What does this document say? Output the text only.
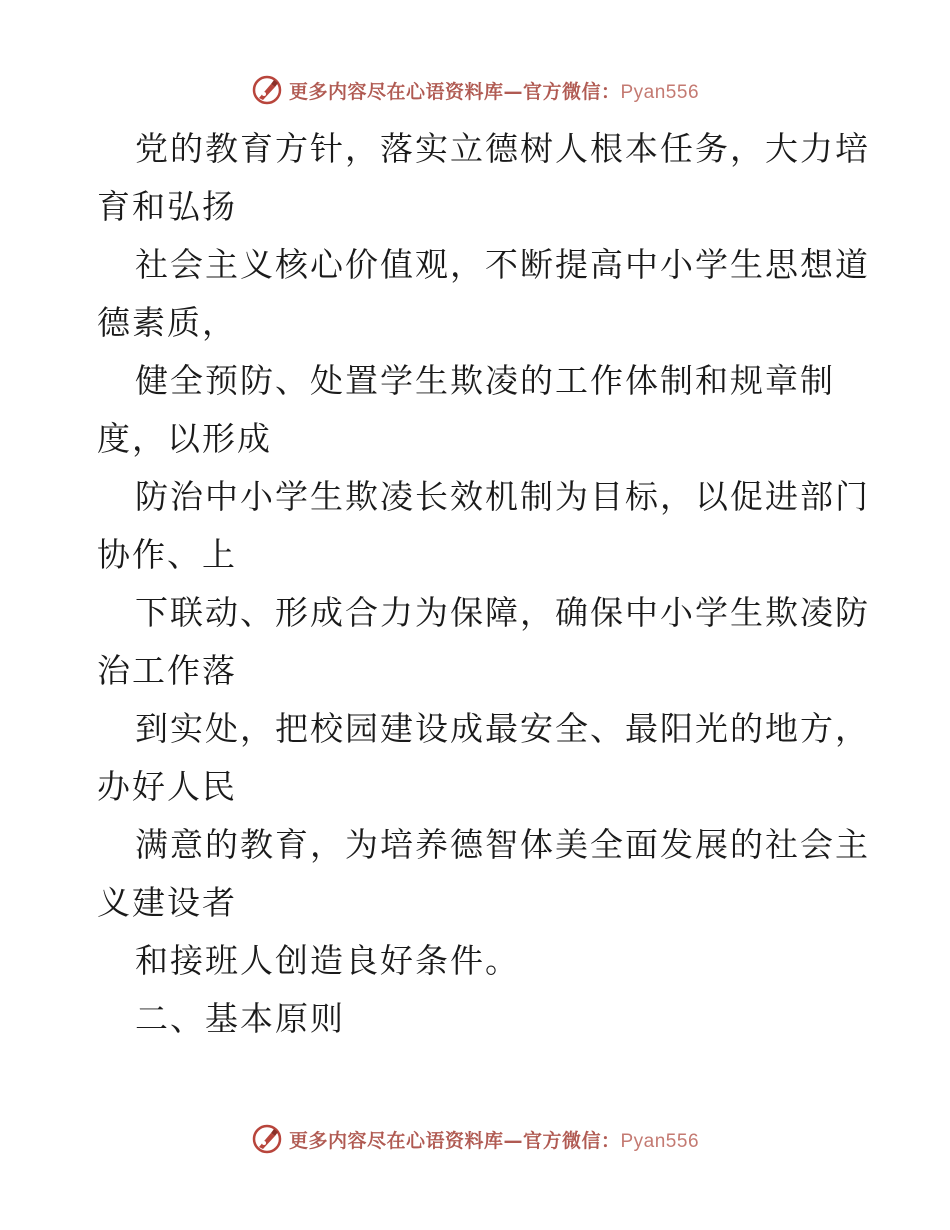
更多内容尽在心语资料库—官方微信：Pyan556
党的教育方针，落实立德树人根本任务，大力培
育和弘扬
社会主义核心价值观，不断提高中小学生思想道
德素质，
健全预防、处置学生欺凌的工作体制和规章制
度，以形成
防治中小学生欺凌长效机制为目标，以促进部门
协作、上
下联动、形成合力为保障，确保中小学生欺凌防
治工作落
到实处，把校园建设成最安全、最阳光的地方，
办好人民
满意的教育，为培养德智体美全面发展的社会主
义建设者
和接班人创造良好条件。
二、基本原则
更多内容尽在心语资料库—官方微信：Pyan556
